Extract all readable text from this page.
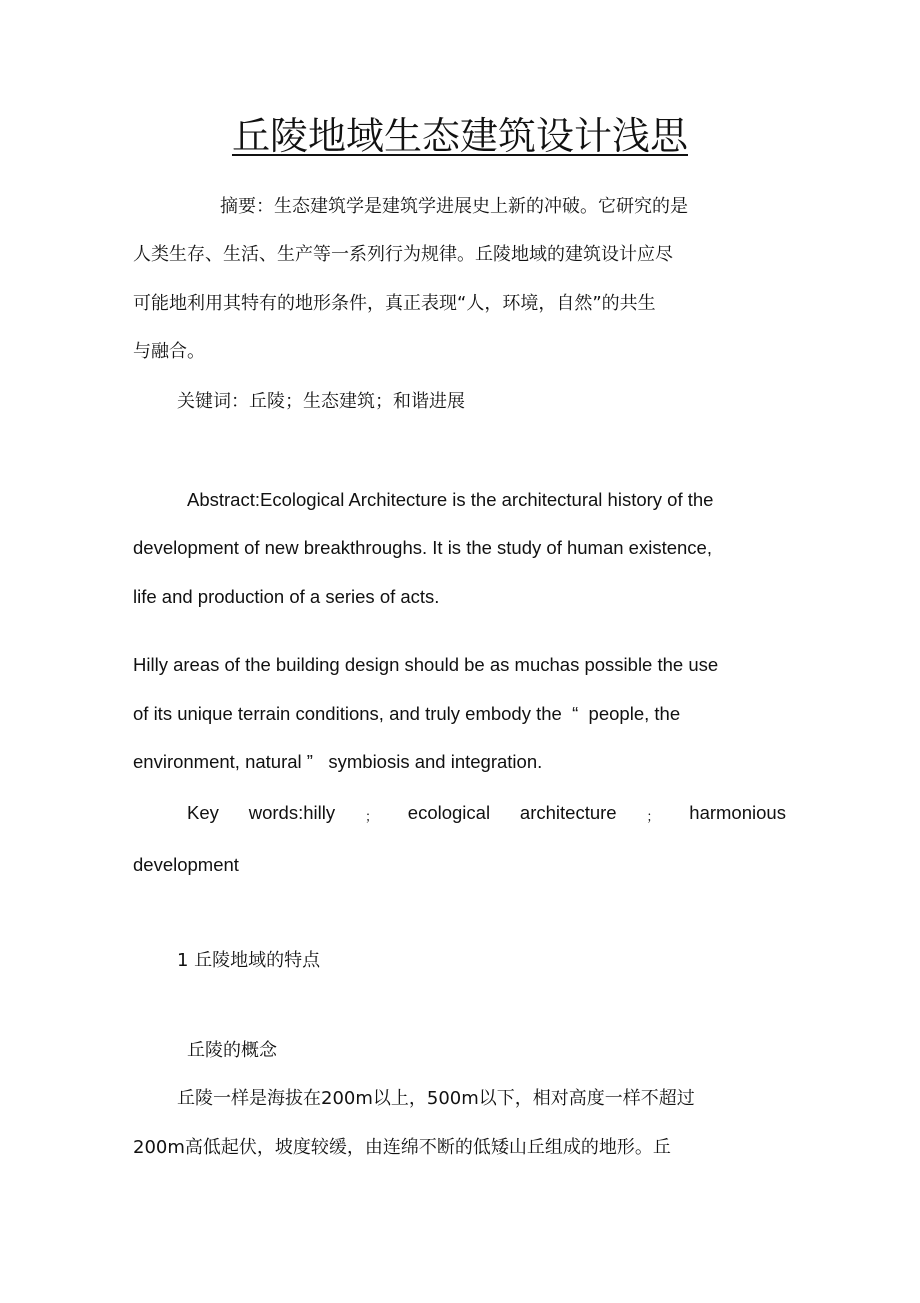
丘陵地域生态建筑设计浅思
摘要：生态建筑学是建筑学进展史上新的冲破。它研究的是
人类生存、生活、生产等一系列行为规律。丘陵地域的建筑设计应尽
可能地利用其特有的地形条件，真正表现“人，环境，自然”的共生
与融合。
关键词：丘陵；生态建筑；和谐进展
Abstract:Ecological Architecture is the architectural history of the
development of new breakthroughs. It is the study of human existence,
life and production of a series of acts.
Hilly areas of the building design should be as muchas possible the use
of its unique terrain conditions, and truly embody the  “  people, the
environment, natural ”   symbiosis and integration.
Key words:hilly ； ecological architecture ； harmonious
development
1 丘陵地域的特点
丘陵的概念
丘陵一样是海拔在200m以上，500m以下，相对高度一样不超过
200m高低起伏，坡度较缓，由连绵不断的低矮山丘组成的地形。丘
